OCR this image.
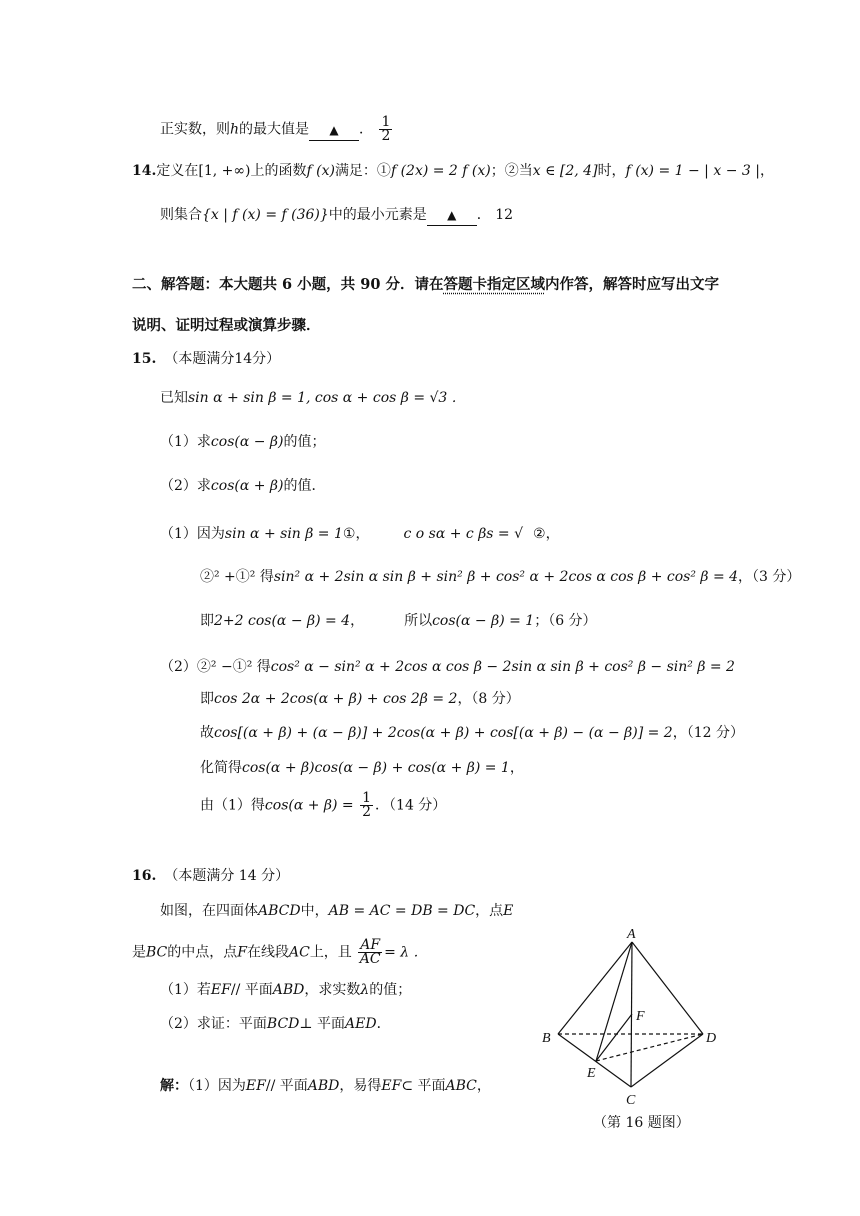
正实数，则h的最大值是 ▲ ． $\frac{1}{2}$
14.定义在[1, +∞)上的函数f (x)满足：①f (2x) = 2 f (x)；②当x ∈ [2, 4]时，f (x) = 1 − | x − 3 |，
则集合{x | f (x) = f (36)}中的最小元素是 ▲ ． 12
二、解答题：本大题共 6 小题，共 90 分．请在答题卡指定区域内作答，解答时应写出文字
说明、证明过程或演算步骤．
15. （本题满分14分）
已知sin α + sin β = 1, cos α + cos β = √3 ．
（1）求cos(α − β)的值；
（2）求cos(α + β)的值．
（1）因为sin α + sin β = 1①， c o sα + c βs = √ ②，
②² +①² 得sin² α + 2sin α sin β + sin² β + cos² α + 2cos α cos β + cos² β = 4，（3 分）
即2+2 cos(α − β) = 4，	所以cos(α − β) = 1；（6 分）
（2）②² −①² 得cos² α − sin² α + 2cos α cos β − 2sin α sin β + cos² β − sin² β = 2
即cos 2α + 2cos(α + β) + cos 2β = 2，（8 分）
故cos[(α + β) + (α − β)] + 2cos(α + β) + cos[(α + β) − (α − β)] = 2，（12 分）
化简得cos(α + β)cos(α − β) + cos(α + β) = 1，
由（1）得$\cos(\alpha + \beta) = \frac{1}{2}$ ．（14 分）
16. （本题满分 14 分）
如图，在四面体ABCD中，AB = AC = DB = DC，点E
是BC的中点，点F在线段AC上，且 $\frac{AF}{AC} = \lambda$ ．
（1）若EF// 平面ABD，求实数λ的值；
（2）求证：平面BCD⊥ 平面AED．
解：（1）因为EF// 平面ABD，易得EF⊂ 平面ABC，
A
B
C
D
E
F
（第 16 题图）
